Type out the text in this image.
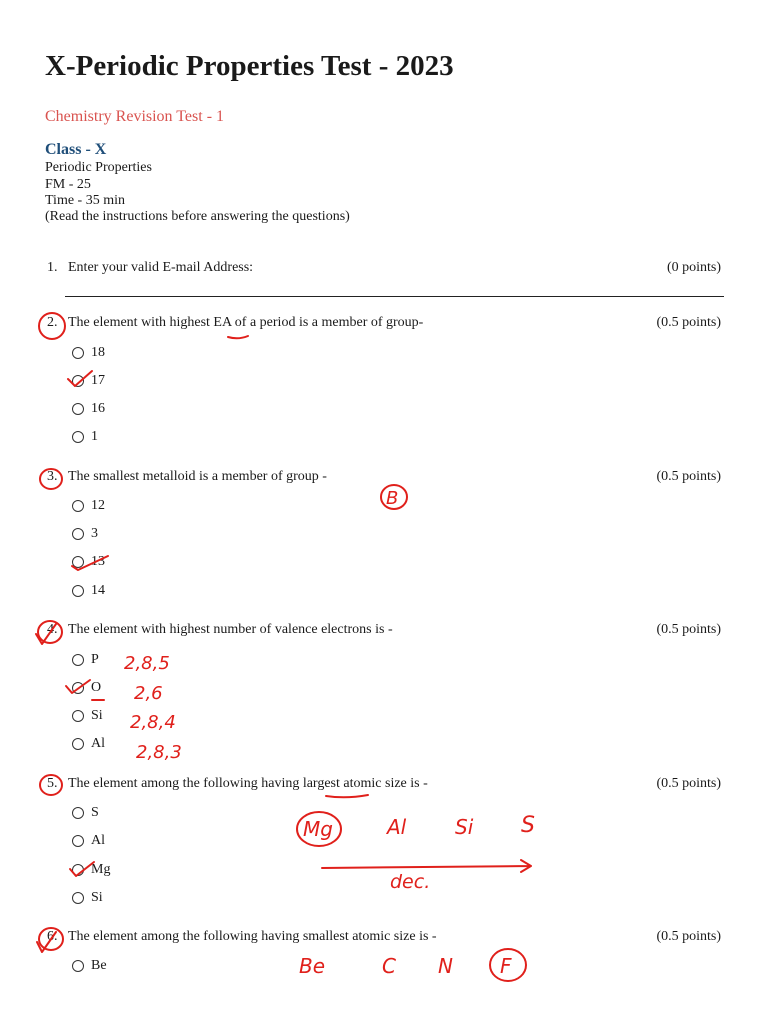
X-Periodic Properties Test - 2023
Chemistry Revision Test - 1
Class - X
Periodic Properties
FM - 25
Time - 35 min
(Read the instructions before answering the questions)
1. Enter your valid E-mail Address:	(0 points)
2. The element with highest EA of a period is a member of group-	(0.5 points)
18
17
16
1
3. The smallest metalloid is a member of group -	(0.5 points)
12
3
13
14
4. The element with highest number of valence electrons is -	(0.5 points)
P
O
Si
Al
5. The element among the following having largest atomic size is -	(0.5 points)
S
Al
Mg
Si
6. The element among the following having smallest atomic size is -	(0.5 points)
Be
B
2,8,5
2,6
2,8,4
2,8,3
Mg	Al Si S
dec.
Be	C N F
